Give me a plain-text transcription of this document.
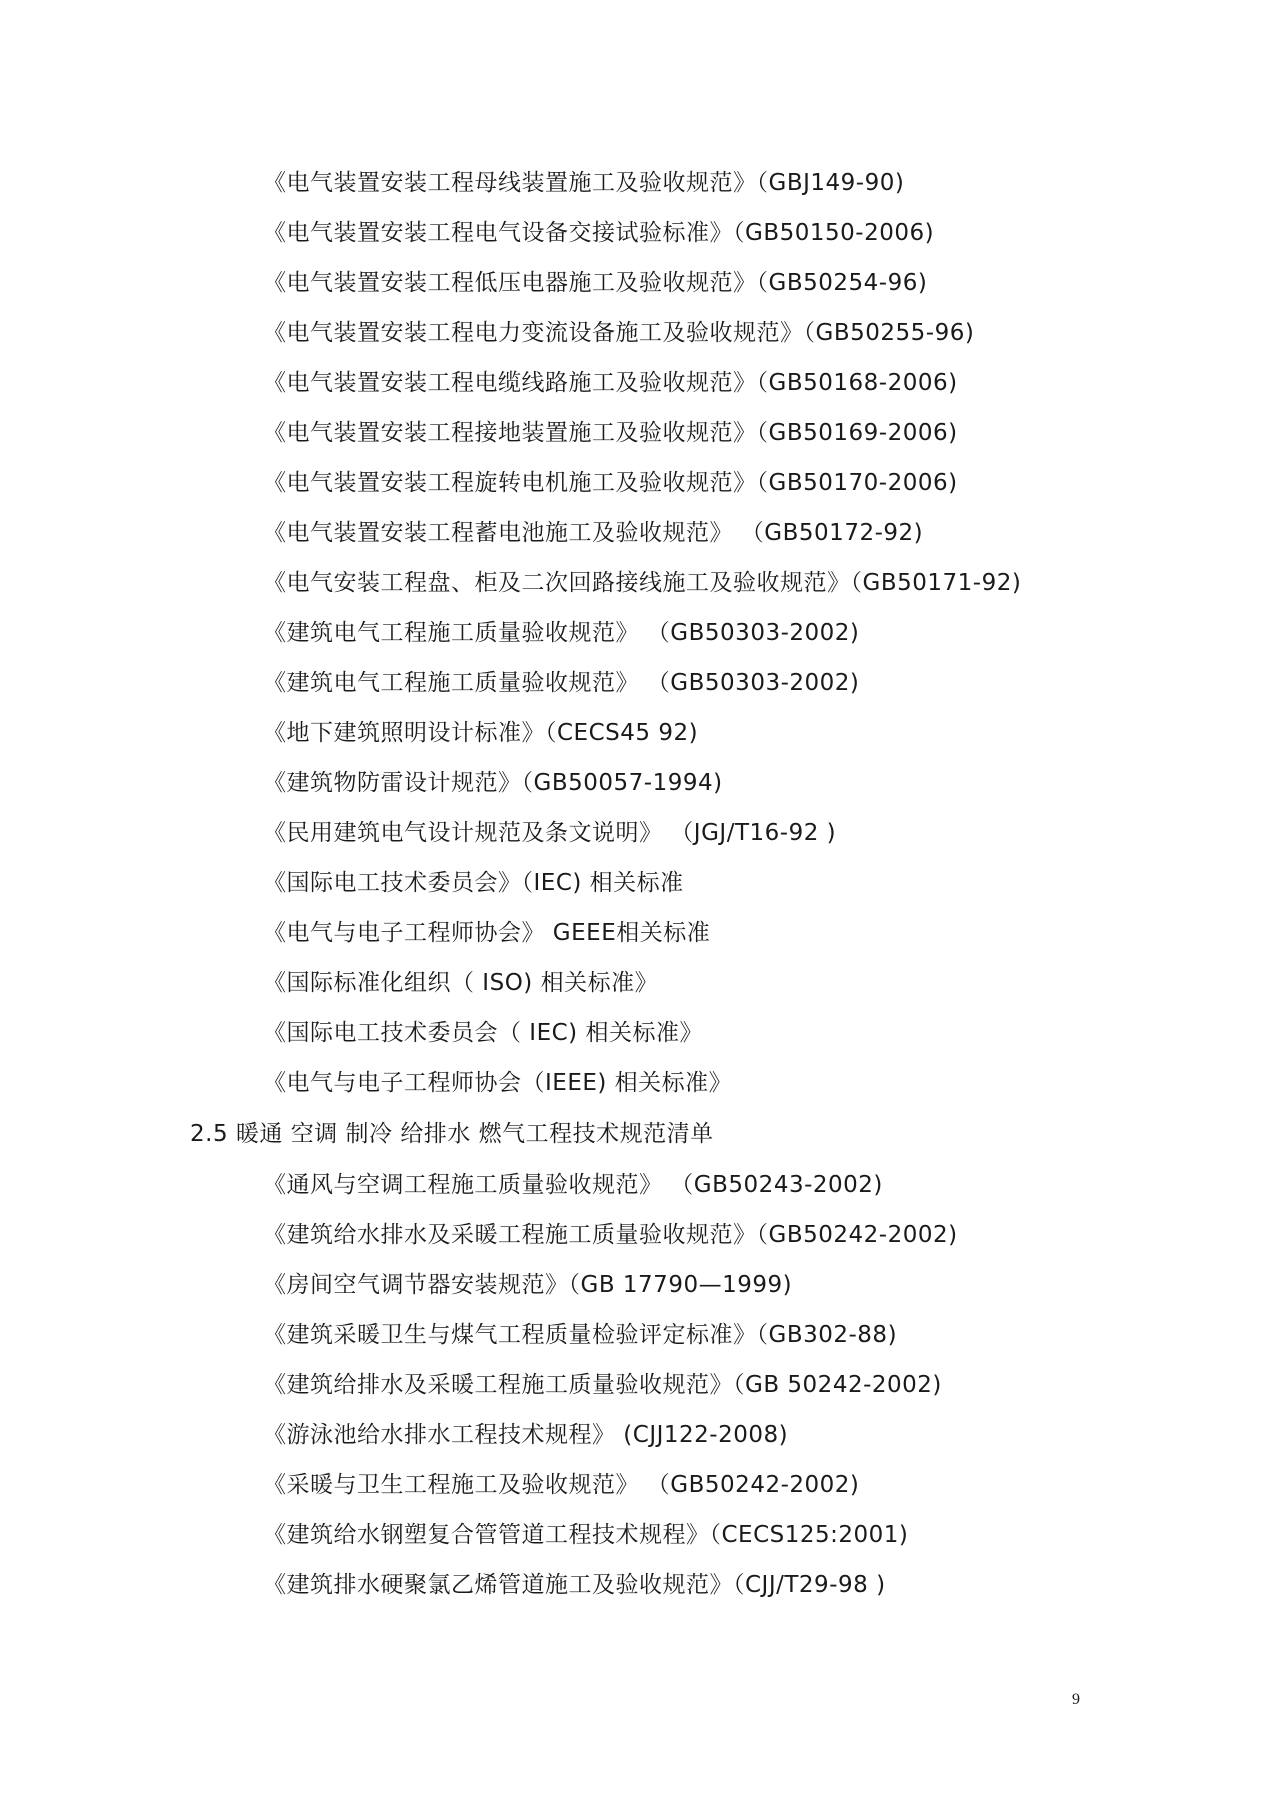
《电气装置安装工程母线装置施工及验收规范》（GBJ149-90)
《电气装置安装工程电气设备交接试验标准》（GB50150-2006)
《电气装置安装工程低压电器施工及验收规范》（GB50254-96)
《电气装置安装工程电力变流设备施工及验收规范》（GB50255-96)
《电气装置安装工程电缆线路施工及验收规范》（GB50168-2006)
《电气装置安装工程接地装置施工及验收规范》（GB50169-2006)
《电气装置安装工程旋转电机施工及验收规范》（GB50170-2006)
《电气装置安装工程蓄电池施工及验收规范》 （GB50172-92)
《电气安装工程盘、柜及二次回路接线施工及验收规范》（GB50171-92)
《建筑电气工程施工质量验收规范》 （GB50303-2002)
《建筑电气工程施工质量验收规范》 （GB50303-2002)
《地下建筑照明设计标准》（CECS45 92)
《建筑物防雷设计规范》（GB50057-1994)
《民用建筑电气设计规范及条文说明》 （JGJ/T16-92 )
《国际电工技术委员会》（IEC) 相关标准
《电气与电子工程师协会》 GEEE相关标准
《国际标准化组织（ ISO) 相关标准》
《国际电工技术委员会（ IEC) 相关标准》
《电气与电子工程师协会（IEEE) 相关标准》
2.5 暖通 空调 制冷 给排水 燃气工程技术规范清单
《通风与空调工程施工质量验收规范》 （GB50243-2002)
《建筑给水排水及采暖工程施工质量验收规范》（GB50242-2002)
《房间空气调节器安装规范》（GB 17790—1999)
《建筑采暖卫生与煤气工程质量检验评定标准》（GB302-88)
《建筑给排水及采暖工程施工质量验收规范》（GB 50242-2002)
《游泳池给水排水工程技术规程》 (CJJ122-2008)
《采暖与卫生工程施工及验收规范》 （GB50242-2002)
《建筑给水钢塑复合管管道工程技术规程》（CECS125:2001)
《建筑排水硬聚氯乙烯管道施工及验收规范》（CJJ/T29-98 )
9
